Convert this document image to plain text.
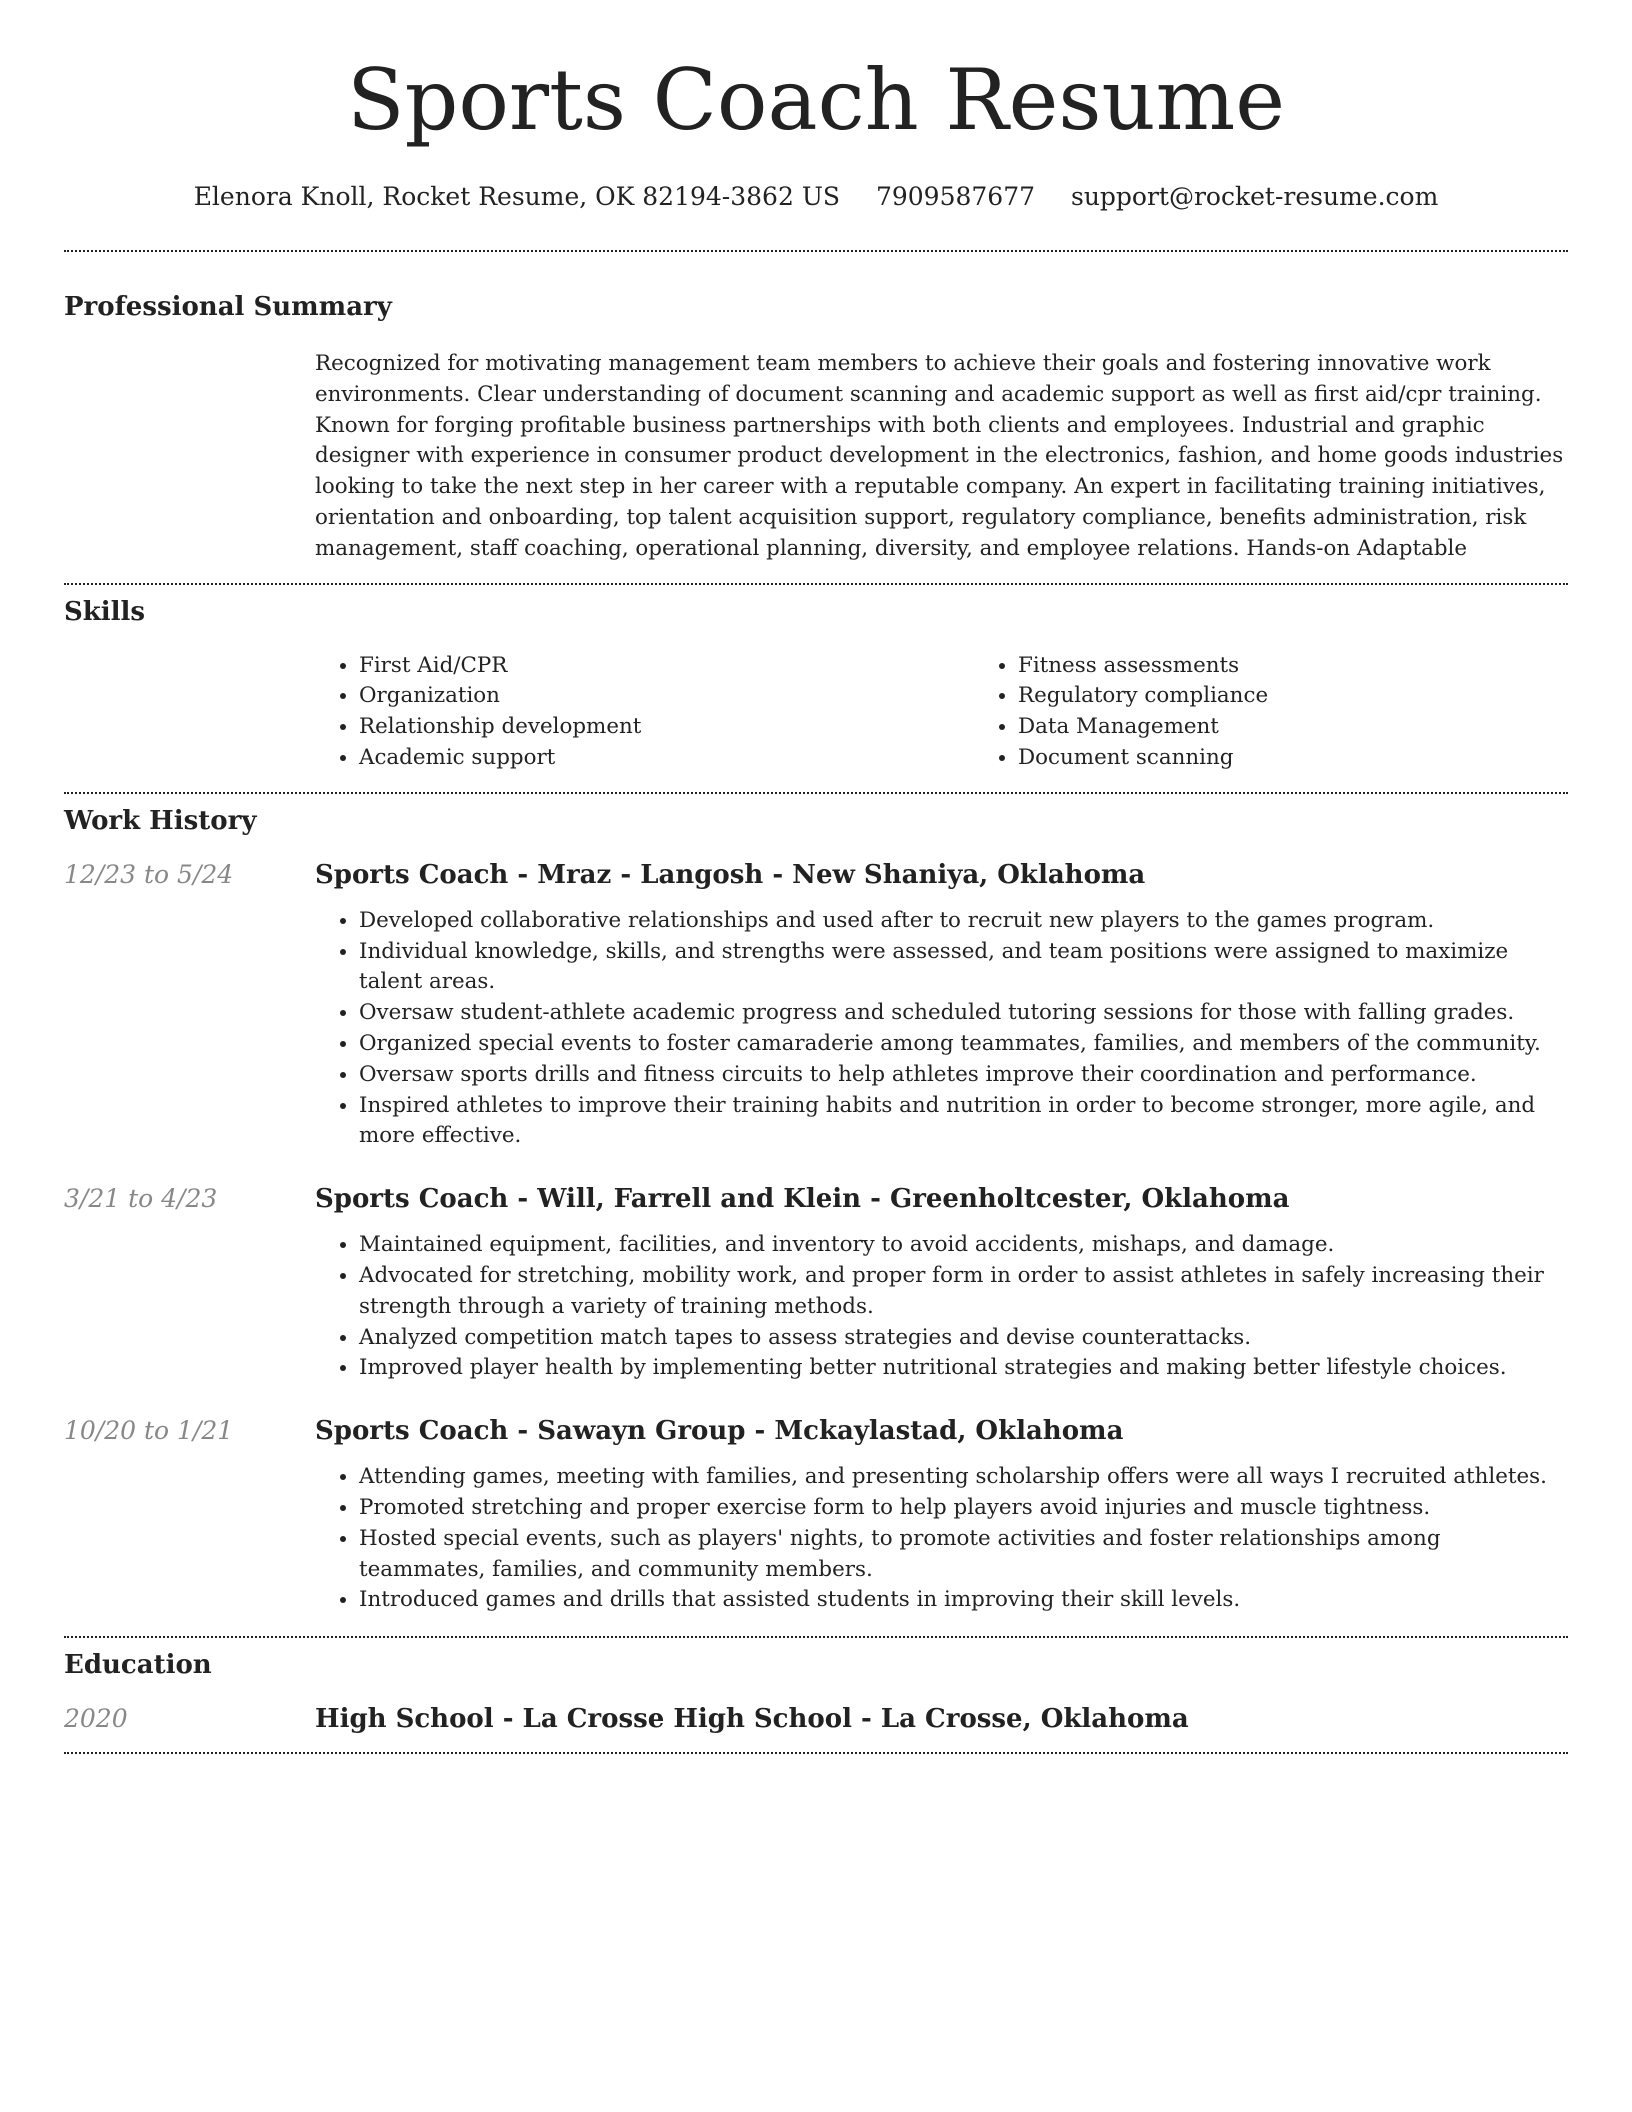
Sports Coach Resume
Elenora Knoll, Rocket Resume, OK 82194-3862 US 7909587677 support@rocket-resume.com
Professional Summary

Recognized for motivating management team members to achieve their goals and fostering innovative work environments. Clear understanding of document scanning and academic support as well as first aid/cpr training. Known for forging profitable business partnerships with both clients and employees. Industrial and graphic designer with experience in consumer product development in the electronics, fashion, and home goods industries looking to take the next step in her career with a reputable company. An expert in facilitating training initiatives, orientation and onboarding, top talent acquisition support, regulatory compliance, benefits administration, risk management, staff coaching, operational planning, diversity, and employee relations. Hands-on Adaptable

Skills
• First Aid/CPR
• Organization
• Relationship development
• Academic support
• Fitness assessments
• Regulatory compliance
• Data Management
• Document scanning
Work History
12/23 to 5/24	Sports Coach - Mraz - Langosh - New Shaniya, Oklahoma
• Developed collaborative relationships and used after to recruit new players to the games program.
• Individual knowledge, skills, and strengths were assessed, and team positions were assigned to maximize talent areas.
• Oversaw student-athlete academic progress and scheduled tutoring sessions for those with falling grades.
• Organized special events to foster camaraderie among teammates, families, and members of the community.
• Oversaw sports drills and fitness circuits to help athletes improve their coordination and performance.
• Inspired athletes to improve their training habits and nutrition in order to become stronger, more agile, and more effective.
3/21 to 4/23	Sports Coach - Will, Farrell and Klein - Greenholtcester, Oklahoma
• Maintained equipment, facilities, and inventory to avoid accidents, mishaps, and damage.
• Advocated for stretching, mobility work, and proper form in order to assist athletes in safely increasing their strength through a variety of training methods.
• Analyzed competition match tapes to assess strategies and devise counterattacks.
• Improved player health by implementing better nutritional strategies and making better lifestyle choices.
10/20 to 1/21	Sports Coach - Sawayn Group - Mckaylastad, Oklahoma
• Attending games, meeting with families, and presenting scholarship offers were all ways I recruited athletes.
• Promoted stretching and proper exercise form to help players avoid injuries and muscle tightness.
• Hosted special events, such as players' nights, to promote activities and foster relationships among teammates, families, and community members.
• Introduced games and drills that assisted students in improving their skill levels.
Education
2020	High School - La Crosse High School - La Crosse, Oklahoma
